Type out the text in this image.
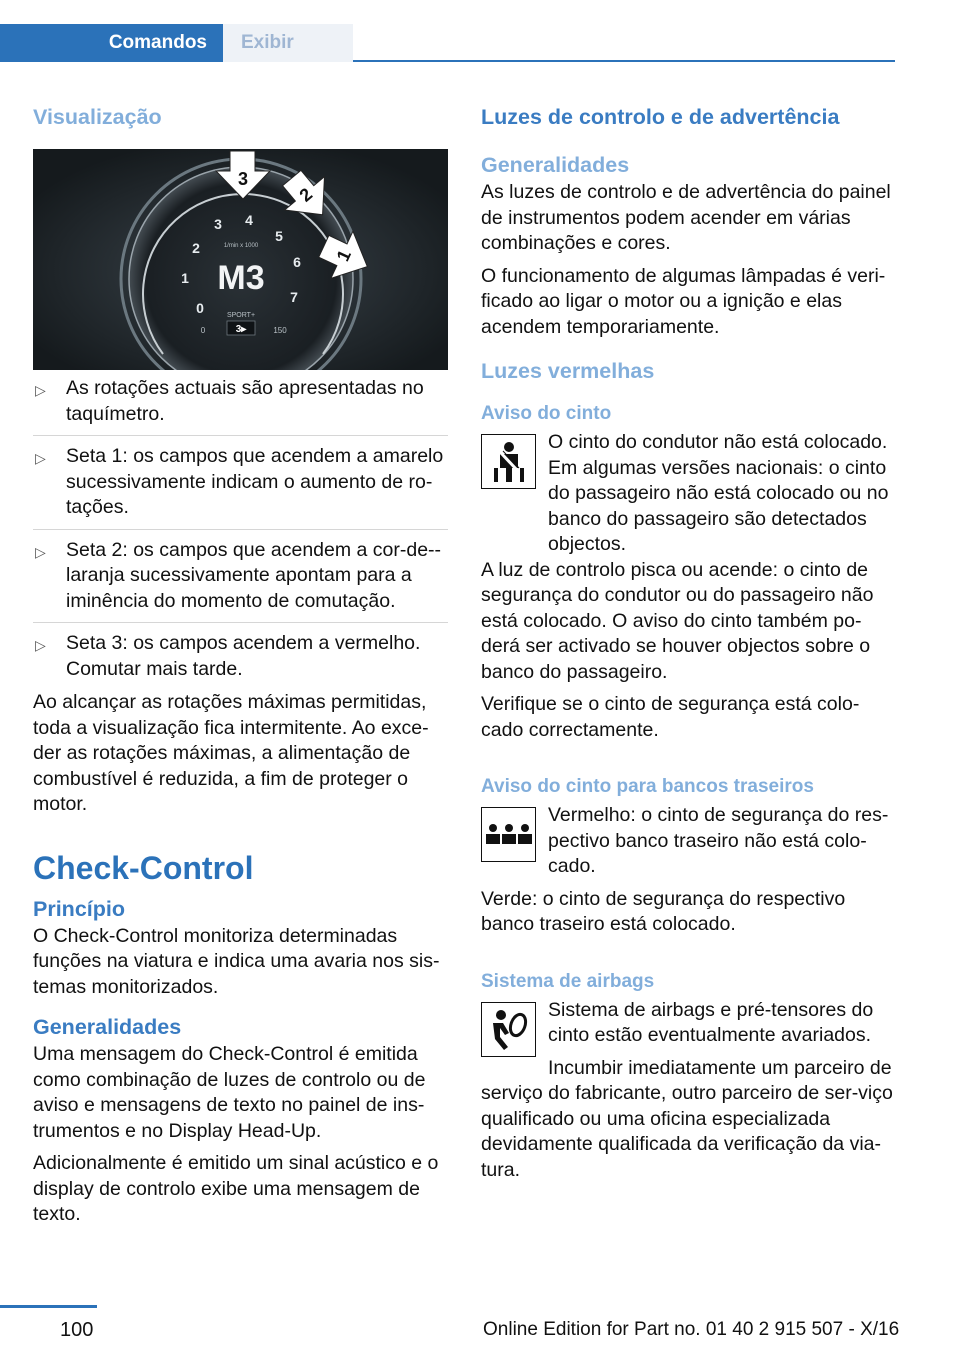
Comandos	Exibir
Visualização
0
1
2
3 4
5
6
7
1/min x 1000
M3
SPORT+
3▸
0	150
3
2
1
▷ As rotações actuais são apresentadas no taquímetro.
▷ Seta 1: os campos que acendem a amarelo sucessivamente indicam o aumento de ro-tações.
▷ Seta 2: os campos que acendem a cor-de--laranja sucessivamente apontam para a iminência do momento de comutação.
▷ Seta 3: os campos acendem a vermelho. Comutar mais tarde.

Ao alcançar as rotações máximas permitidas, toda a visualização fica intermitente. Ao exce-der as rotações máximas, a alimentação de combustível é reduzida, a fim de proteger o motor.

Check-Control
Princípio

O Check-Control monitoriza determinadas funções na viatura e indica uma avaria nos sis-temas monitorizados.

Generalidades

Uma mensagem do Check-Control é emitida como combinação de luzes de controlo ou de aviso e mensagens de texto no painel de ins-trumentos e no Display Head-Up.

Adicionalmente é emitido um sinal acústico e o display de controlo exibe uma mensagem de texto.

Luzes de controlo e de advertência
Generalidades

As luzes de controlo e de advertência do painel de instrumentos podem acender em várias combinações e cores.

O funcionamento de algumas lâmpadas é veri-ficado ao ligar o motor ou a ignição e elas acendem temporariamente.

Luzes vermelhas
Aviso do cinto

O cinto do condutor não está colocado. Em algumas versões nacionais: o cinto do passageiro não está colocado ou no banco do passageiro são detectados objectos.

A luz de controlo pisca ou acende: o cinto de segurança do condutor ou do passageiro não está colocado. O aviso do cinto também po-derá ser activado se houver objectos sobre o banco do passageiro.

Verifique se o cinto de segurança está colo-cado correctamente.

Aviso do cinto para bancos traseiros

Vermelho: o cinto de segurança do res-pectivo banco traseiro não está colo-cado.

Verde: o cinto de segurança do respectivo banco traseiro está colocado.

Sistema de airbags

Sistema de airbags e pré-tensores do cinto estão eventualmente avariados.

Incumbir imediatamente um parceiro de serviço do fabricante, outro parceiro de ser-viço qualificado ou uma oficina especializada devidamente qualificada da verificação da via-tura.

100	Online Edition for Part no. 01 40 2 915 507 - X/16
